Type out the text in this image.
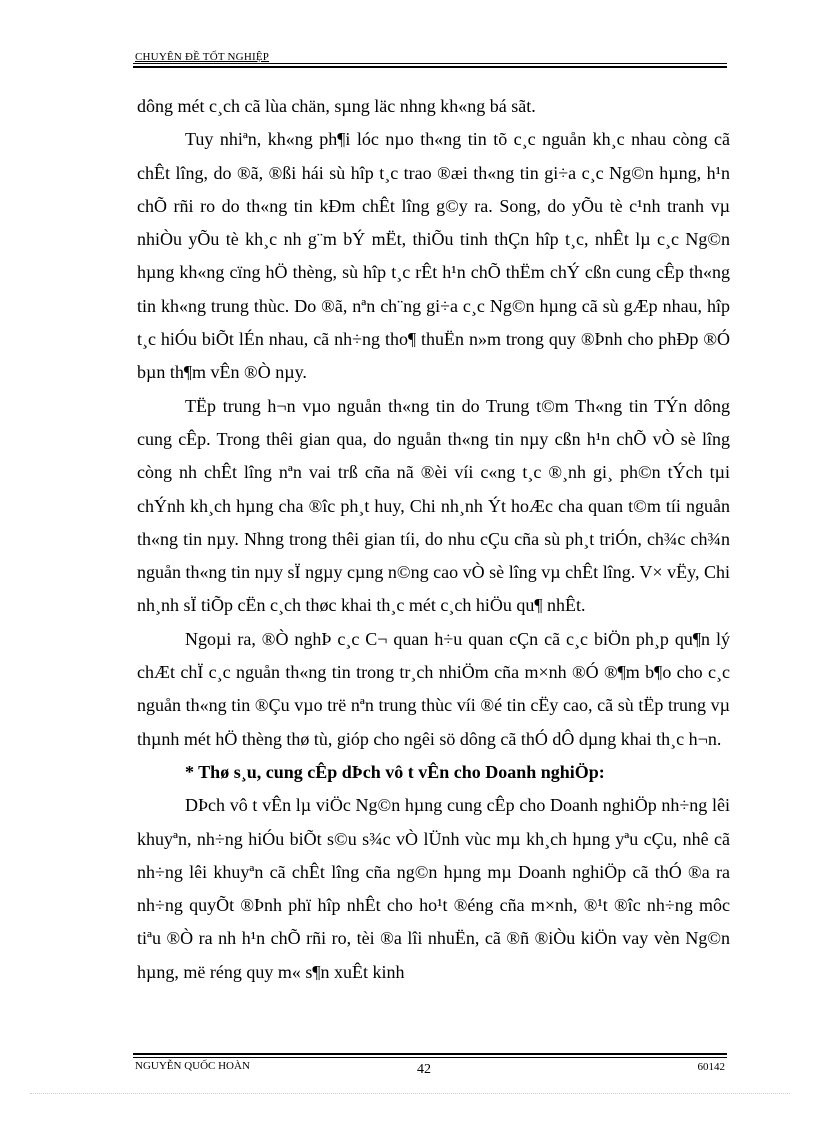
CHUYÊN ĐỀ TỐT NGHIỆP

dông mét c¸ch cã lùa chän, sµng läc nhng kh«ng bá sãt.

Tuy nhiªn, kh«ng ph¶i lóc nµo th«ng tin tõ c¸c nguån kh¸c nhau còng cã chÊt lîng, do ®ã, ®ßi hái sù hîp t¸c trao ®æi th«ng tin gi÷a c¸c Ng©n hµng, h¹n chÕ rñi ro do th«ng tin kÐm chÊt lîng g©y ra. Song, do yÕu tè c¹nh tranh vµ nhiÒu yÕu tè kh¸c nh g¨m bÝ mËt, thiÕu tinh thÇn hîp t¸c, nhÊt lµ c¸c Ng©n hµng kh«ng cïng hÖ thèng, sù hîp t¸c rÊt h¹n chÕ thËm chÝ cßn cung cÊp th«ng tin kh«ng trung thùc. Do ®ã, nªn ch¨ng gi÷a c¸c Ng©n hµng cã sù gÆp nhau, hîp t¸c hiÓu biÕt lÉn nhau, cã nh÷ng tho¶ thuËn n»m trong quy ®Þnh cho phÐp ®Ó bµn th¶m vÊn ®Ò nµy.

TËp trung h¬n vµo nguån th«ng tin do Trung t©m Th«ng tin TÝn dông cung cÊp. Trong thêi gian qua, do nguån th«ng tin nµy cßn h¹n chÕ vÒ sè lîng còng nh chÊt lîng nªn vai trß cña nã ®èi víi c«ng t¸c ®¸nh gi¸ ph©n tÝch tµi chÝnh kh¸ch hµng cha ®îc ph¸t huy, Chi nh¸nh Ýt hoÆc cha quan t©m tíi nguån th«ng tin nµy. Nhng trong thêi gian tíi, do nhu cÇu cña sù ph¸t triÓn, ch¾c ch¾n nguån th«ng tin nµy sÏ ngµy cµng n©ng cao vÒ sè lîng vµ chÊt lîng. V× vËy, Chi nh¸nh sÏ tiÕp cËn c¸ch thøc khai th¸c mét c¸ch hiÖu qu¶ nhÊt.

Ngoµi ra, ®Ò nghÞ c¸c C¬ quan h÷u quan cÇn cã c¸c biÖn ph¸p qu¶n lý chÆt chÏ c¸c nguån th«ng tin trong tr¸ch nhiÖm cña m×nh ®Ó ®¶m b¶o cho c¸c nguån th«ng tin ®Çu vµo trë nªn trung thùc víi ®é tin cËy cao, cã sù tËp trung vµ thµnh mét hÖ thèng thø tù, gióp cho ngêi sö dông cã thÓ dÔ dµng khai th¸c h¬n.

* Thø s¸u, cung cÊp dÞch vô t vÊn cho Doanh nghiÖp:

DÞch vô t vÊn lµ viÖc Ng©n hµng cung cÊp cho Doanh nghiÖp nh÷ng lêi khuyªn, nh÷ng hiÓu biÕt s©u s¾c vÒ lÜnh vùc mµ kh¸ch hµng yªu cÇu, nhê cã nh÷ng lêi khuyªn cã chÊt lîng cña ng©n hµng mµ Doanh nghiÖp cã thÓ ®a ra nh÷ng quyÕt ®Þnh phï hîp nhÊt cho ho¹t ®éng cña m×nh, ®¹t ®îc nh÷ng môc tiªu ®Ò ra nh h¹n chÕ rñi ro, tèi ®a lîi nhuËn, cã ®ñ ®iÒu kiÖn vay vèn Ng©n hµng, më réng quy m« s¶n xuÊt kinh

NGUYỄN QUỐC HOÀN	42	60142
